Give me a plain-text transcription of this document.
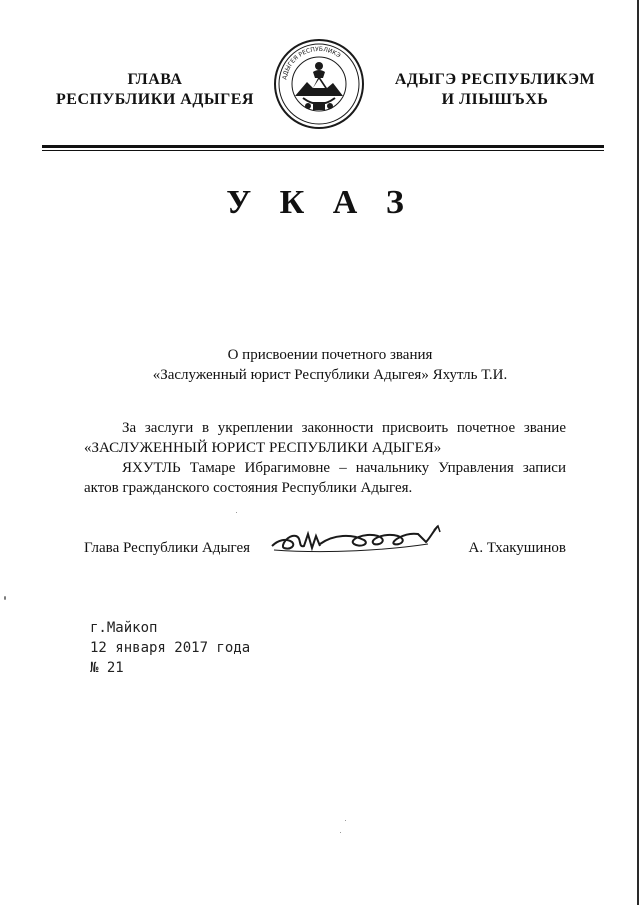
ГЛАВА
РЕСПУБЛИКИ АДЫГЕЯ
АДЫГЕЯ РЕСПУБЛИКЭ
АДЫГЭ РЕСПУБЛИКЭМ
И ЛІЫШЪХЬ
У К А З
О присвоении почетного звания
«Заслуженный юрист Республики Адыгея» Яхутль Т.И.
За заслуги в укреплении законности присвоить почетное звание
«ЗАСЛУЖЕННЫЙ ЮРИСТ РЕСПУБЛИКИ АДЫГЕЯ»
ЯХУТЛЬ Тамаре Ибрагимовне – начальнику Управления записи
актов гражданского состояния Республики Адыгея.
Глава Республики Адыгея	А. Тхакушинов
г.Майкоп
12 января 2017 года
№ 21
